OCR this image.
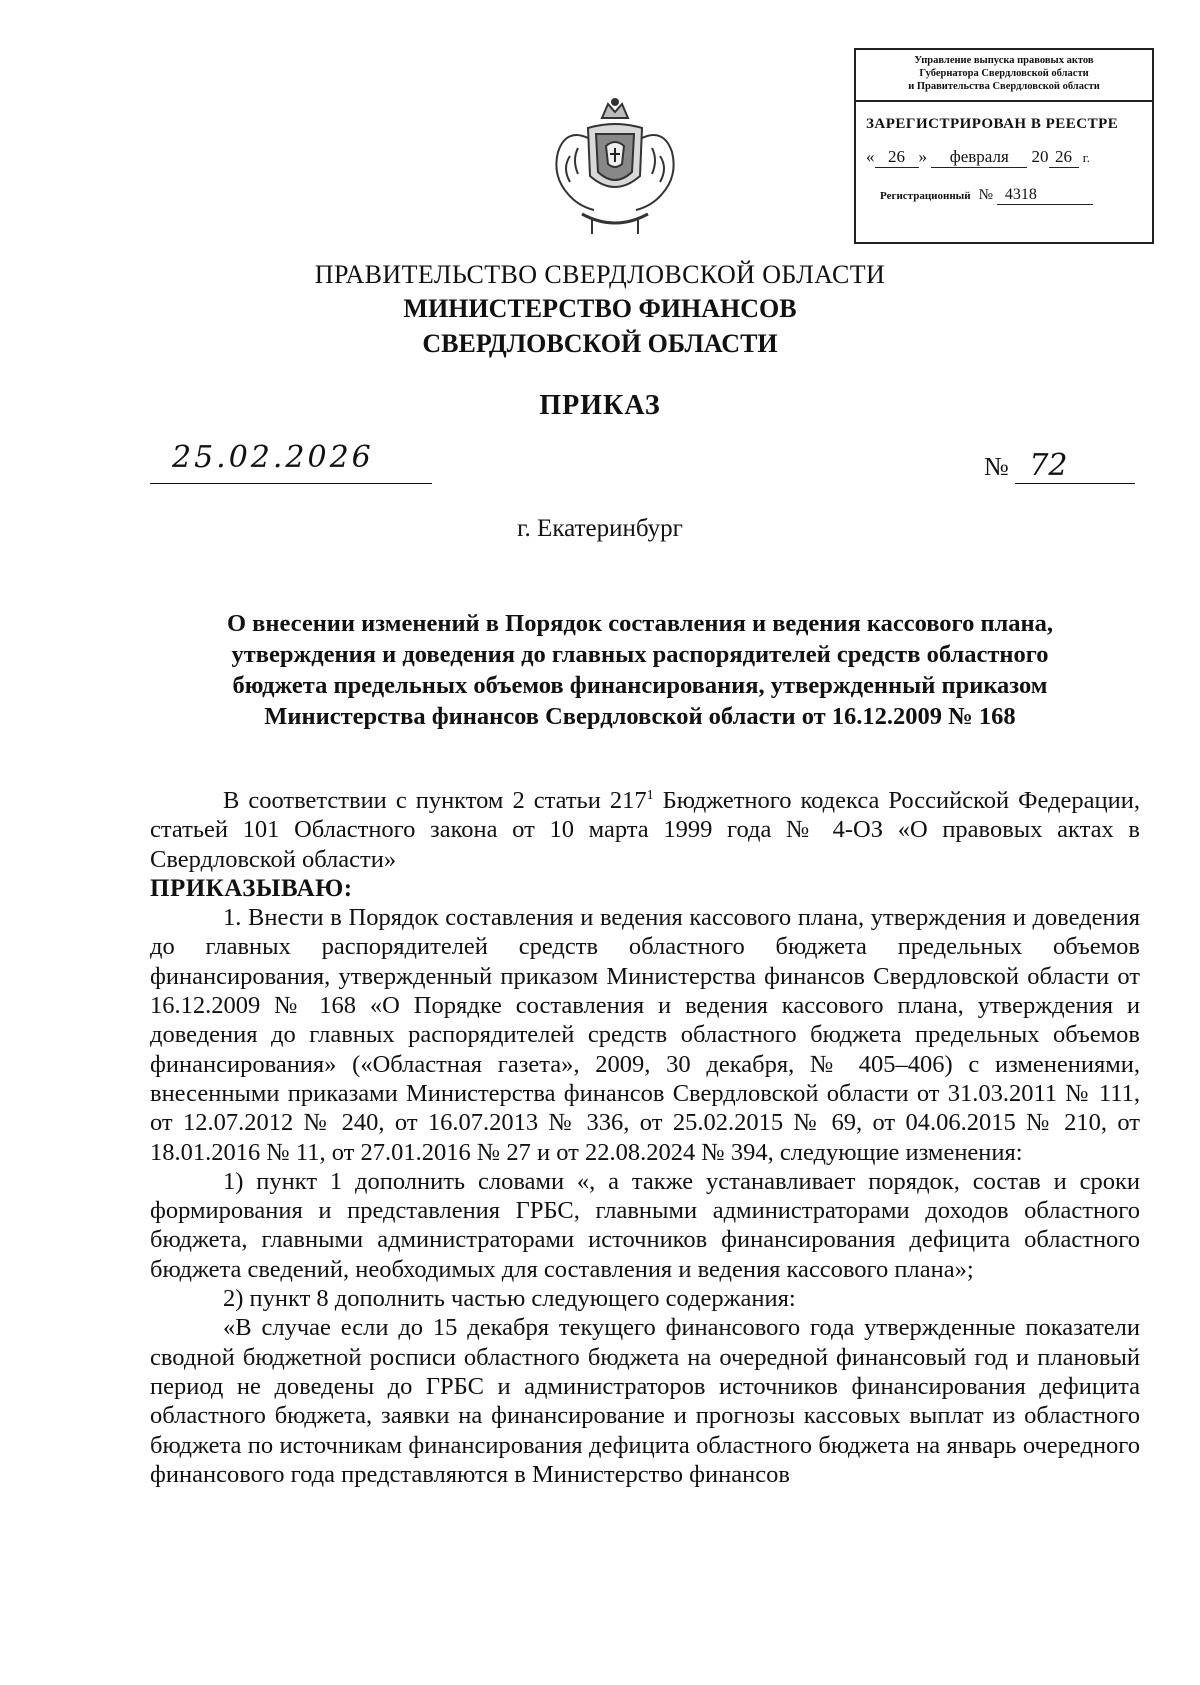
Управление выпуска правовых актов
Губернатора Свердловской области
и Правительства Свердловской области
ЗАРЕГИСТРИРОВАН В РЕЕСТРЕ
« 26 » февраля 20 26 г.
Регистрационный № 4318
ПРАВИТЕЛЬСТВО СВЕРДЛОВСКОЙ ОБЛАСТИ
МИНИСТЕРСТВО ФИНАНСОВ
СВЕРДЛОВСКОЙ ОБЛАСТИ
ПРИКАЗ
25.02.2026	№ 72
г. Екатеринбург
О внесении изменений в Порядок составления и ведения кассового плана,
утверждения и доведения до главных распорядителей средств областного
бюджета предельных объемов финансирования, утвержденный приказом
Министерства финансов Свердловской области от 16.12.2009 № 168

В соответствии с пунктом 2 статьи $217^1$ Бюджетного кодекса Российской Федерации, статьей 101 Областного закона от 10 марта 1999 года № 4-ОЗ «О правовых актах в Свердловской области»

ПРИКАЗЫВАЮ:

1. Внести в Порядок составления и ведения кассового плана, утверждения и доведения до главных распорядителей средств областного бюджета предельных объемов финансирования, утвержденный приказом Министерства финансов Свердловской области от 16.12.2009 № 168 «О Порядке составления и ведения кассового плана, утверждения и доведения до главных распорядителей средств областного бюджета предельных объемов финансирования» («Областная газета», 2009, 30 декабря, № 405–406) с изменениями, внесенными приказами Министерства финансов Свердловской области от 31.03.2011 № 111, от 12.07.2012 № 240, от 16.07.2013 № 336, от 25.02.2015 № 69, от 04.06.2015 № 210, от 18.01.2016 № 11, от 27.01.2016 № 27 и от 22.08.2024 № 394, следующие изменения:

1) пункт 1 дополнить словами «, а также устанавливает порядок, состав и сроки формирования и представления ГРБС, главными администраторами доходов областного бюджета, главными администраторами источников финансирования дефицита областного бюджета сведений, необходимых для составления и ведения кассового плана»;

2) пункт 8 дополнить частью следующего содержания:

«В случае если до 15 декабря текущего финансового года утвержденные показатели сводной бюджетной росписи областного бюджета на очередной финансовый год и плановый период не доведены до ГРБС и администраторов источников финансирования дефицита областного бюджета, заявки на финансирование и прогнозы кассовых выплат из областного бюджета по источникам финансирования дефицита областного бюджета на январь очередного финансового года представляются в Министерство финансов
